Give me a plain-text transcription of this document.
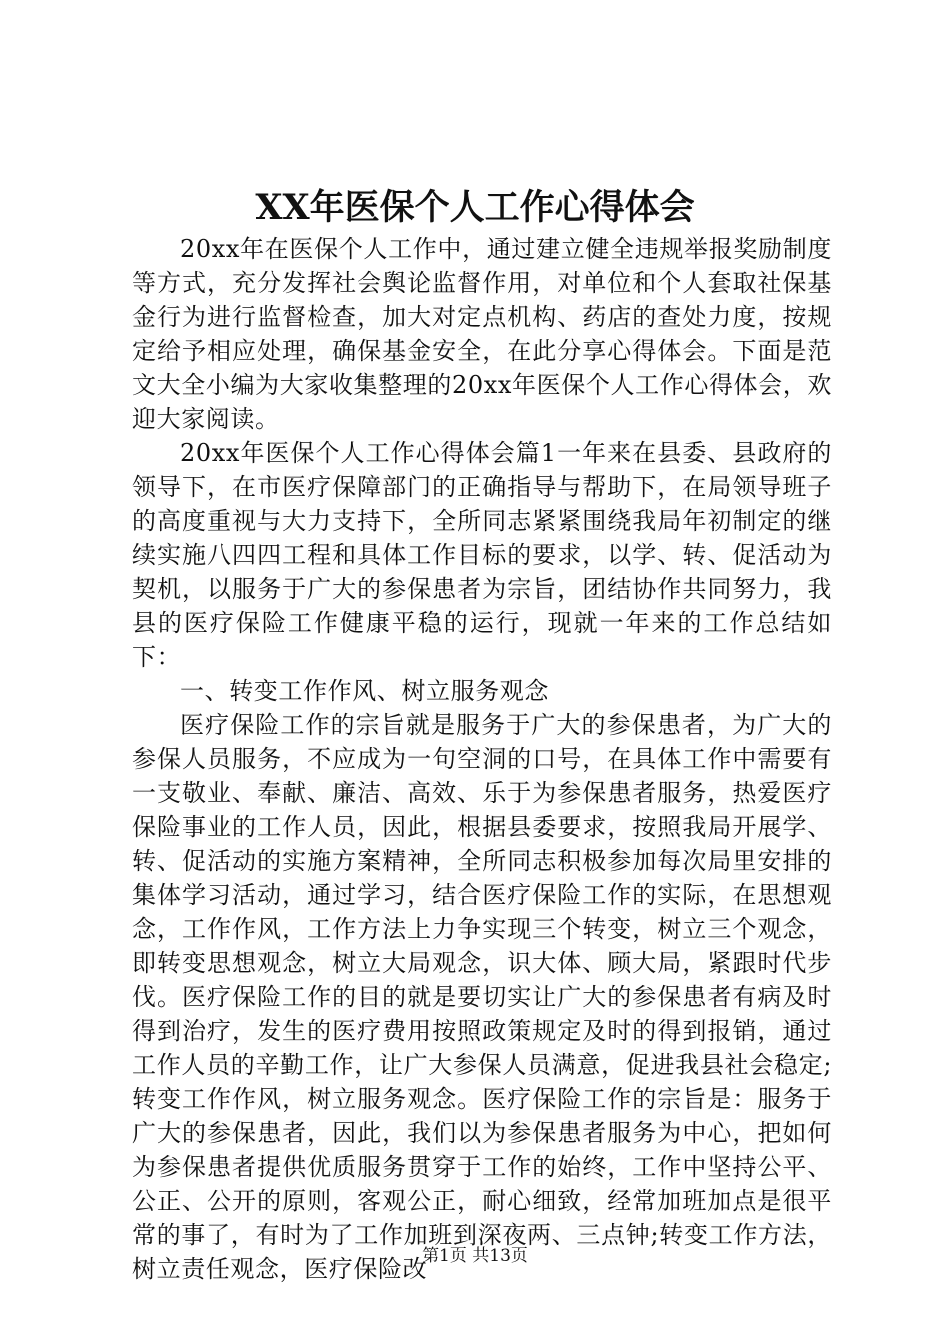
XX年医保个人工作心得体会

20xx年在医保个人工作中，通过建立健全违规举报奖励制度等方式，充分发挥社会舆论监督作用，对单位和个人套取社保基金行为进行监督检查，加大对定点机构、药店的查处力度，按规定给予相应处理，确保基金安全，在此分享心得体会。下面是范文大全小编为大家收集整理的20xx年医保个人工作心得体会，欢迎大家阅读。

20xx年医保个人工作心得体会篇1一年来在县委、县政府的领导下，在市医疗保障部门的正确指导与帮助下，在局领导班子的高度重视与大力支持下，全所同志紧紧围绕我局年初制定的继续实施八四四工程和具体工作目标的要求，以学、转、促活动为契机，以服务于广大的参保患者为宗旨，团结协作共同努力，我县的医疗保险工作健康平稳的运行，现就一年来的工作总结如下：

一、转变工作作风、树立服务观念

医疗保险工作的宗旨就是服务于广大的参保患者，为广大的参保人员服务，不应成为一句空洞的口号，在具体工作中需要有一支敬业、奉献、廉洁、高效、乐于为参保患者服务，热爱医疗保险事业的工作人员，因此，根据县委要求，按照我局开展学、转、促活动的实施方案精神，全所同志积极参加每次局里安排的集体学习活动，通过学习，结合医疗保险工作的实际，在思想观念，工作作风，工作方法上力争实现三个转变，树立三个观念，即转变思想观念，树立大局观念，识大体、顾大局，紧跟时代步伐。医疗保险工作的目的就是要切实让广大的参保患者有病及时得到治疗，发生的医疗费用按照政策规定及时的得到报销，通过工作人员的辛勤工作，让广大参保人员满意，促进我县社会稳定;转变工作作风，树立服务观念。医疗保险工作的宗旨是：服务于广大的参保患者，因此，我们以为参保患者服务为中心，把如何为参保患者提供优质服务贯穿于工作的始终，工作中坚持公平、公正、公开的原则，客观公正，耐心细致，经常加班加点是很平常的事了，有时为了工作加班到深夜两、三点钟;转变工作方法，树立责任观念，医疗保险改

第1页 共13页
